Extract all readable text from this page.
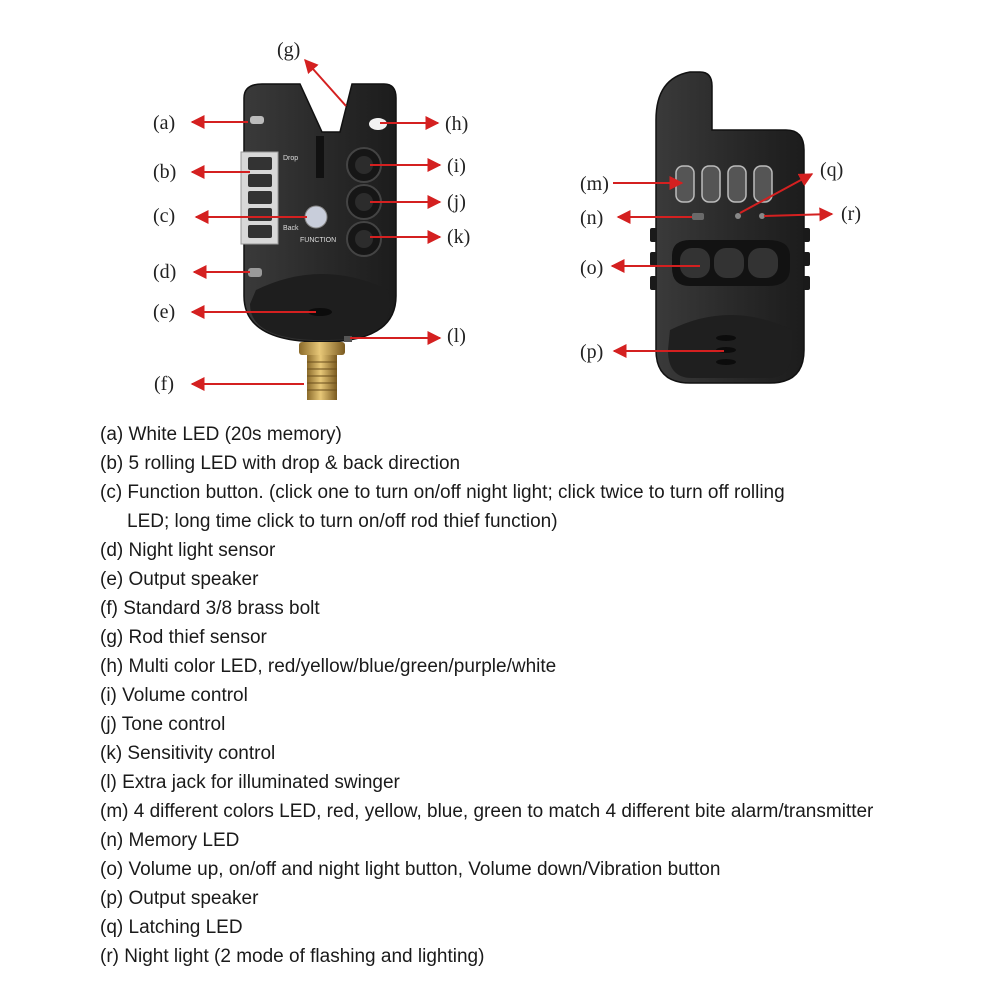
Drop
Back
FUNCTION
(a)
(b)
(c)
(d)
(e)
(f)
(g)
(h)
(i)
(j)
(k)
(l)
(m)
(n)
(o)
(p)
(q)
(r)
(a) White LED (20s memory)
(b) 5 rolling LED with drop & back direction
(c) Function button. (click one to turn on/off night light; click twice to turn off rolling
LED; long time click to turn on/off rod thief function)
(d) Night light sensor
(e) Output speaker
(f) Standard 3/8 brass bolt
(g) Rod thief sensor
(h) Multi color LED, red/yellow/blue/green/purple/white
(i) Volume control
(j) Tone control
(k) Sensitivity control
(l) Extra jack for illuminated swinger
(m) 4 different colors LED, red, yellow, blue, green to match 4 different bite alarm/transmitter
(n) Memory LED
(o) Volume up, on/off and night light button, Volume down/Vibration button
(p) Output speaker
(q) Latching LED
(r) Night light (2 mode of flashing and lighting)
